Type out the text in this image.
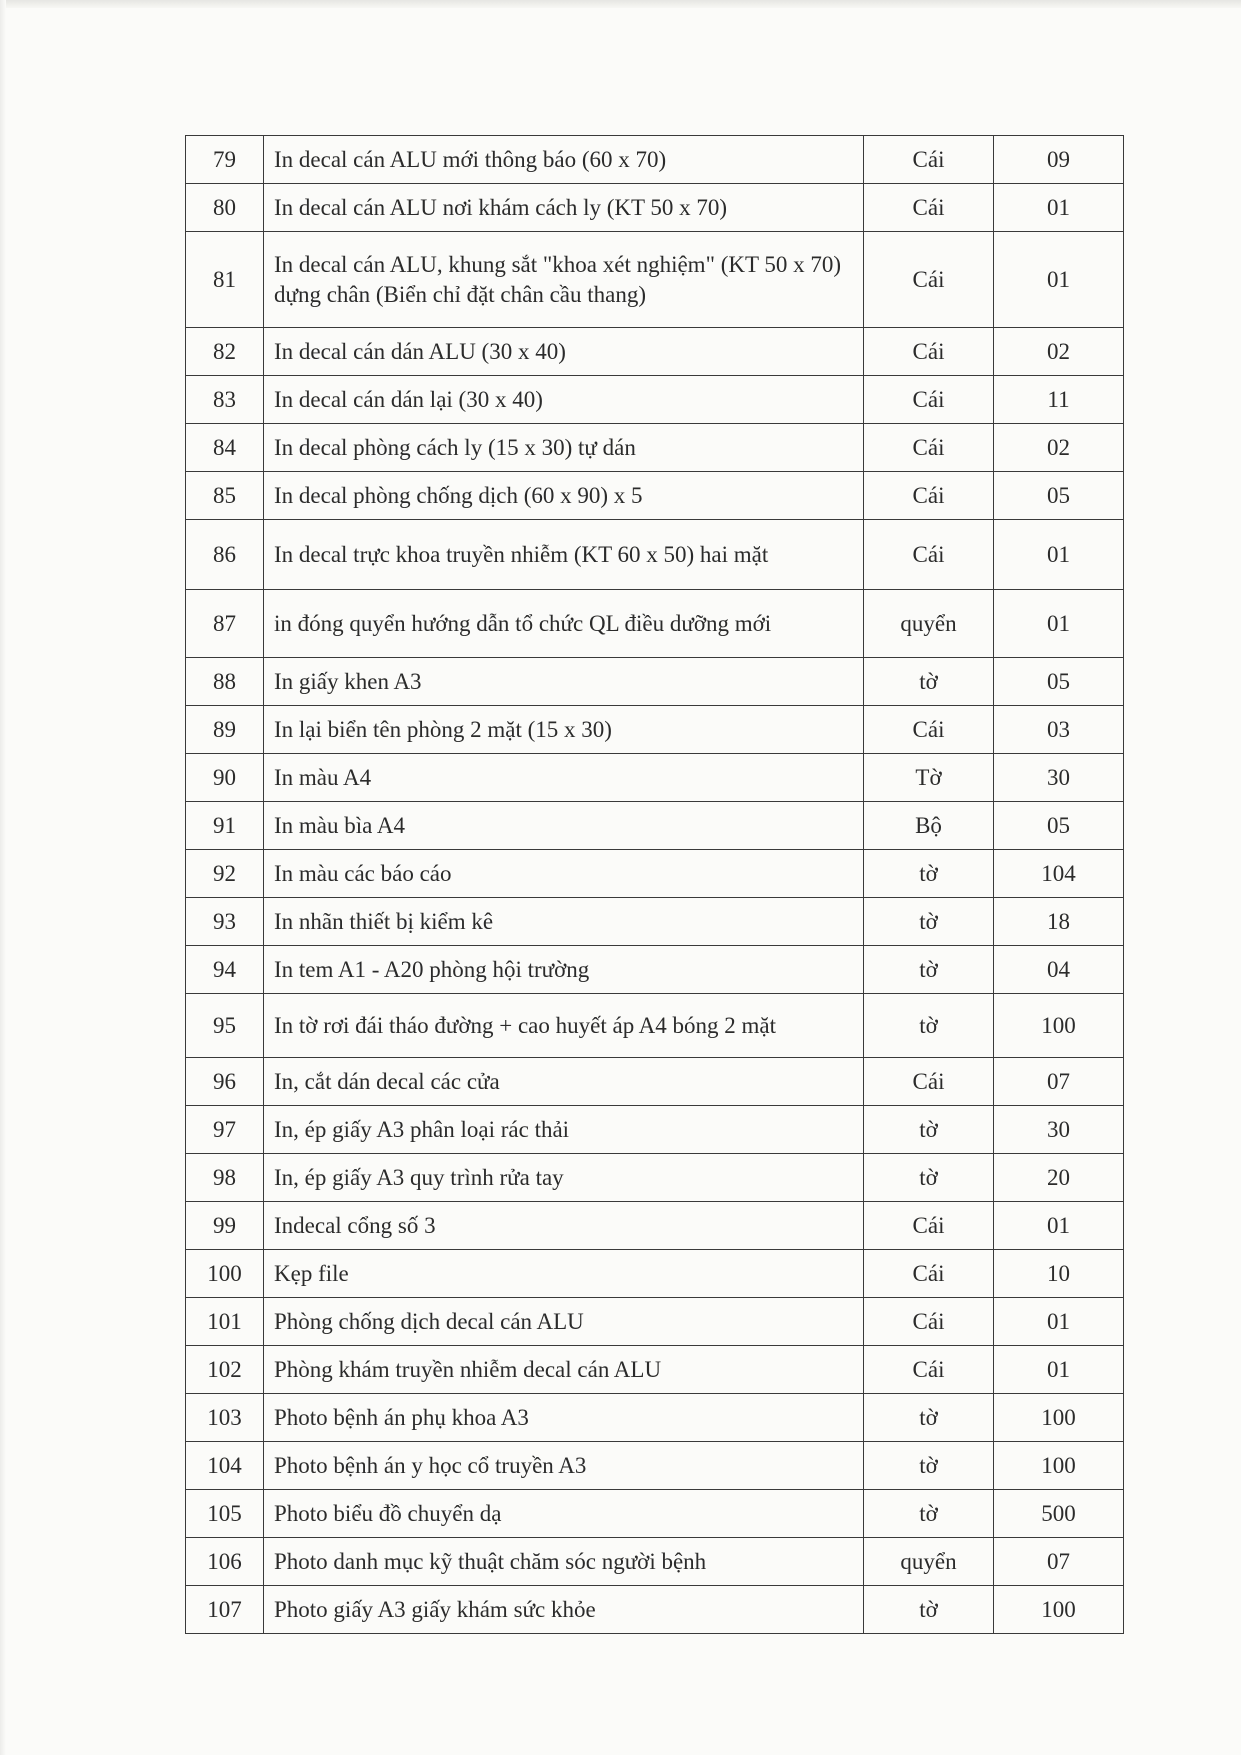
79	In decal cán ALU mới thông báo (60 x 70)	Cái	09
80	In decal cán ALU nơi khám cách ly (KT 50 x 70)	Cái	01
81	In decal cán ALU, khung sắt "khoa xét nghiệm" (KT 50 x 70) dựng chân (Biển chỉ đặt chân cầu thang)	Cái	01
82	In decal cán dán ALU (30 x 40)	Cái	02
83	In decal cán dán lại (30 x 40)	Cái	11
84	In decal phòng cách ly (15 x 30) tự dán	Cái	02
85	In decal phòng chống dịch (60 x 90) x 5	Cái	05
86	In decal trực khoa truyền nhiễm (KT 60 x 50) hai mặt	Cái	01
87	in đóng quyển hướng dẫn tổ chức QL điều dưỡng mới	quyển	01
88	In giấy khen A3	tờ	05
89	In lại biển tên phòng 2 mặt (15 x 30)	Cái	03
90	In màu A4	Tờ	30
91	In màu bìa A4	Bộ	05
92	In màu các báo cáo	tờ	104
93	In nhãn thiết bị kiểm kê	tờ	18
94	In tem A1 - A20 phòng hội trường	tờ	04
95	In tờ rơi đái tháo đường + cao huyết áp A4 bóng 2 mặt	tờ	100
96	In, cắt dán decal các cửa	Cái	07
97	In, ép giấy A3 phân loại rác thải	tờ	30
98	In, ép giấy A3 quy trình rửa tay	tờ	20
99	Indecal cổng số 3	Cái	01
100	Kẹp file	Cái	10
101	Phòng chống dịch decal cán ALU	Cái	01
102	Phòng khám truyền nhiễm decal cán ALU	Cái	01
103	Photo bệnh án phụ khoa A3	tờ	100
104	Photo bệnh án y học cổ truyền A3	tờ	100
105	Photo biểu đồ chuyển dạ	tờ	500
106	Photo danh mục kỹ thuật chăm sóc người bệnh	quyển	07
107	Photo giấy A3 giấy khám sức khỏe	tờ	100
